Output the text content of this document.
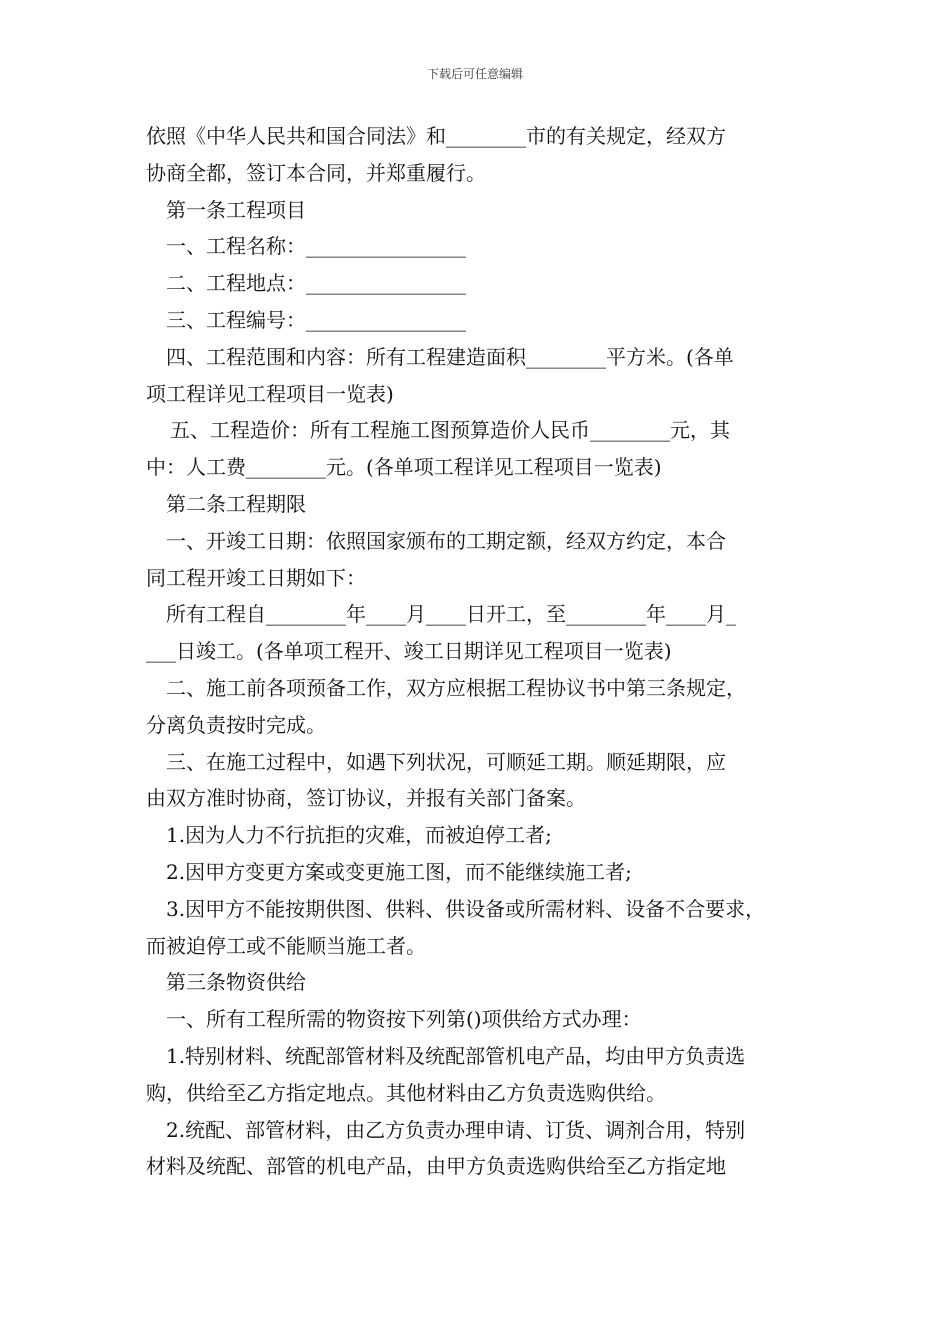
下载后可任意编辑
依照《中华人民共和国合同法》和________市的有关规定，经双方
协商全都，签订本合同，并郑重履行。
第一条工程项目
一、工程名称：________________
二、工程地点：________________
三、工程编号：________________
四、工程范围和内容：所有工程建造面积________平方米。(各单
项工程详见工程项目一览表)
五、工程造价：所有工程施工图预算造价人民币________元，其
中：人工费________元。(各单项工程详见工程项目一览表)
第二条工程期限
一、开竣工日期：依照国家颁布的工期定额，经双方约定，本合
同工程开竣工日期如下：
所有工程自________年____月____日开工，至________年____月_
___日竣工。(各单项工程开、竣工日期详见工程项目一览表)
二、施工前各项预备工作，双方应根据工程协议书中第三条规定，
分离负责按时完成。
三、在施工过程中，如遇下列状况，可顺延工期。顺延期限，应
由双方准时协商，签订协议，并报有关部门备案。
1.因为人力不行抗拒的灾难，而被迫停工者;
2.因甲方变更方案或变更施工图，而不能继续施工者;
3.因甲方不能按期供图、供料、供设备或所需材料、设备不合要求，
而被迫停工或不能顺当施工者。
第三条物资供给
一、所有工程所需的物资按下列第()项供给方式办理：
1.特别材料、统配部管材料及统配部管机电产品，均由甲方负责选
购，供给至乙方指定地点。其他材料由乙方负责选购供给。
2.统配、部管材料，由乙方负责办理申请、订货、调剂合用，特别
材料及统配、部管的机电产品，由甲方负责选购供给至乙方指定地
